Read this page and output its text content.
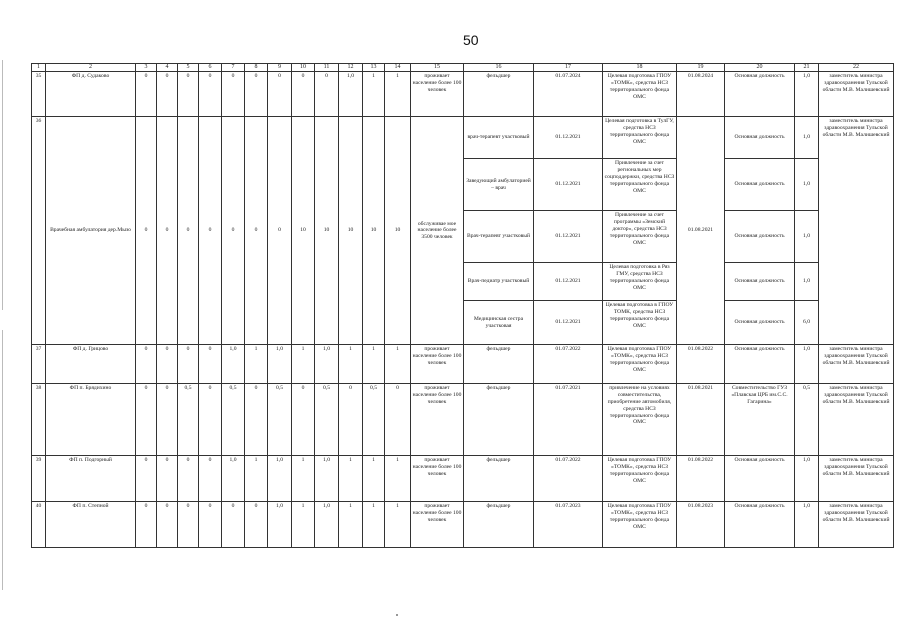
50
1	2	3	4	5	6	7	8	9	10	11	12	13	14	15	16	17	18	19	20	21	22
35	ФП д. Судаково	0	0	0	0	0	0	0	0	0	1,0	1	1	проживает население более 100 человек	фельдшер	01.07.2024	Целевая подготовка ГПОУ «ТОМК», средства НСЗ территориального фонда ОМС	01.08.2024	Основная должность	1,0	заместитель министра здравоохранения Тульской области М.В. Малишевский
36	Врачебная амбулатория дер.Мызо	0	0	0	0	0	0	0	10	10	10	10	10	обслуживае мое население более 3500 человек	врач-терапевт участковый	01.12.2021	Целевая подготовка в ТулГУ, средства НСЗ территориального фонда ОМС	01.08.2021	Основная должность	1,0	заместитель министра здравоохранения Тульской области М.В. Малишевский
															Заведующий амбулаторией – врач	01.12.2021	Привлечение за счет региональных мер соцподдержки, средства НСЗ территориального фонда ОМС		Основная должность	1,0	
															Врач-терапевт участковый	01.12.2021	Привлечение за счет программы «Земский доктор», средства НСЗ территориального фонда ОМС		Основная должность	1,0	
															Врач-педиатр участковый	01.12.2021	Целевая подготовка в Ряз ГМУ, средства НСЗ территориального фонда ОМС		Основная должность	1,0	
															Медицинская сестра участковая	01.12.2021	Целевая подготовка в ГПОУ ТОМК, средства НСЗ территориального фонда ОМС		Основная должность	6,0	
37	ФП д. Грицово	0	0	0	0	1,0	1	1,0	1	1,0	1	1	1	проживает население более 100 человек	фельдшер	01.07.2022	Целевая подготовка ГПОУ «ТОМК», средства НСЗ территориального фонда ОМС	01.08.2022	Основная должность	1,0	заместитель министра здравоохранения Тульской области М.В. Малишевский
38	ФП п. Брядихино	0	0	0,5	0	0,5	0	0,5	0	0,5	0	0,5	0	проживает население более 100 человек	фельдшер	01.07.2021	привлечение на условиях совместительства, приобретение автомобиля, средства НСЗ территориального фонда ОМС	01.08.2021	Совместительство ГУЗ «Плавская ЦРБ им.С.С. Гагарина»	0,5	заместитель министра здравоохранения Тульской области М.В. Малишевский
39	ФП п. Подгорный	0	0	0	0	1,0	1	1,0	1	1,0	1	1	1	проживает население более 100 человек	фельдшер	01.07.2022	Целевая подготовка ГПОУ «ТОМК», средства НСЗ территориального фонда ОМС	01.08.2022	Основная должность	1,0	заместитель министра здравоохранения Тульской области М.В. Малишевский
40	ФП п. Степной	0	0	0	0	0	0	1,0	1	1,0	1	1	1	проживает население более 100 человек	фельдшер	01.07.2023	Целевая подготовка ГПОУ «ТОМК», средства НСЗ территориального фонда ОМС	01.08.2023	Основная должность	1,0	заместитель министра здравоохранения Тульской области М.В. Малишевский
